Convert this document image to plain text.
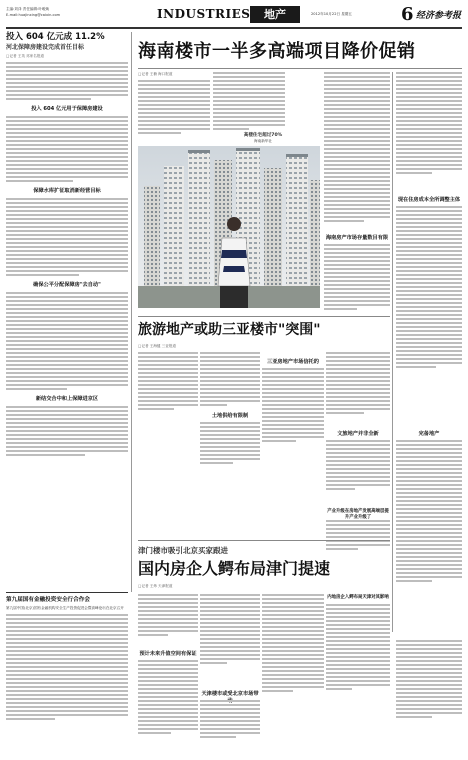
主编:刘泽 责任编辑:叶峻焕
E-mail:huajinxing@caixin.com	INDUSTRIES	地产	2012年10月22日 星期五	6 经济参考报
投入 604 亿元成 11.2%
河北保障房建设完成首任目标
□记者 王英 邓家名报道
投入 604 亿元用于保障房建设
保障水库扩征取消新经营目标
确保公平分配保障房"去自动"
新结交合中和上保障进京区
第九届国有金融投资安全行合作会
第九届中国(北京)国有金融机构安全生产投资促进会暨高峰论坛在北京召开
海南楼市一半多高端项目降价促销
□记者 王楠 海口报道
高楼住宅超过70%
海南新华社
海南房产市场存量数目有限
现在住房成本全所调整主体
旅游地产或助三亚楼市"突围"
□记者 王海键 三亚报道
土地供给有限制
三亚房地产市场信托的
文旅地产并非全新
产业升级在房地产发展高端层提升产业升级了
完备地产
津门楼市吸引北京买家跟进
国内房企人鳄布局津门提速
□记者 王炜 天津报道
预计未来升值空间有保证
天津楼市或受北京市场带
内地房企入鳄布局天津对其影响
